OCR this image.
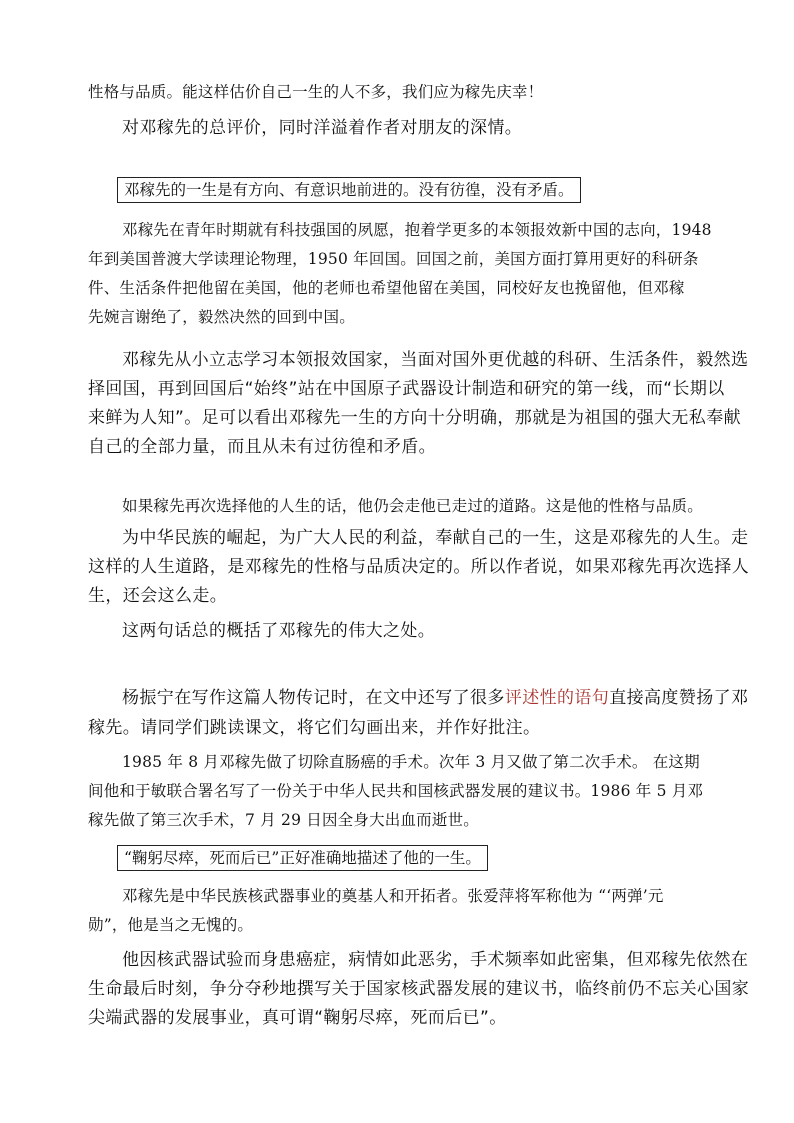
性格与品质。能这样估价自己一生的人不多，我们应为稼先庆幸！
对邓稼先的总评价，同时洋溢着作者对朋友的深情。
邓稼先的一生是有方向、有意识地前进的。没有彷徨，没有矛盾。
邓稼先在青年时期就有科技强国的夙愿，抱着学更多的本领报效新中国的志向，1948
年到美国普渡大学读理论物理，1950 年回国。回国之前，美国方面打算用更好的科研条
件、生活条件把他留在美国，他的老师也希望他留在美国，同校好友也挽留他，但邓稼
先婉言谢绝了，毅然决然的回到中国。
邓稼先从小立志学习本领报效国家，当面对国外更优越的科研、生活条件，毅然选
择回国，再到回国后“始终”站在中国原子武器设计制造和研究的第一线，而“长期以
来鲜为人知”。足可以看出邓稼先一生的方向十分明确，那就是为祖国的强大无私奉献
自己的全部力量，而且从未有过彷徨和矛盾。
如果稼先再次选择他的人生的话，他仍会走他已走过的道路。这是他的性格与品质。
为中华民族的崛起，为广大人民的利益，奉献自己的一生，这是邓稼先的人生。走
这样的人生道路，是邓稼先的性格与品质决定的。所以作者说，如果邓稼先再次选择人
生，还会这么走。
这两句话总的概括了邓稼先的伟大之处。
杨振宁在写作这篇人物传记时，在文中还写了很多评述性的语句直接高度赞扬了邓
稼先。请同学们跳读课文，将它们勾画出来，并作好批注。
1985 年 8 月邓稼先做了切除直肠癌的手术。次年 3 月又做了第二次手术。 在这期
间他和于敏联合署名写了一份关于中华人民共和国核武器发展的建议书。1986 年 5 月邓
稼先做了第三次手术，7 月 29 日因全身大出血而逝世。
“鞠躬尽瘁，死而后已”正好准确地描述了他的一生。
邓稼先是中华民族核武器事业的奠基人和开拓者。张爱萍将军称他为 “‘两弹’元
勋”，他是当之无愧的。
他因核武器试验而身患癌症，病情如此恶劣，手术频率如此密集，但邓稼先依然在
生命最后时刻，争分夺秒地撰写关于国家核武器发展的建议书，临终前仍不忘关心国家
尖端武器的发展事业，真可谓“鞠躬尽瘁，死而后已”。
